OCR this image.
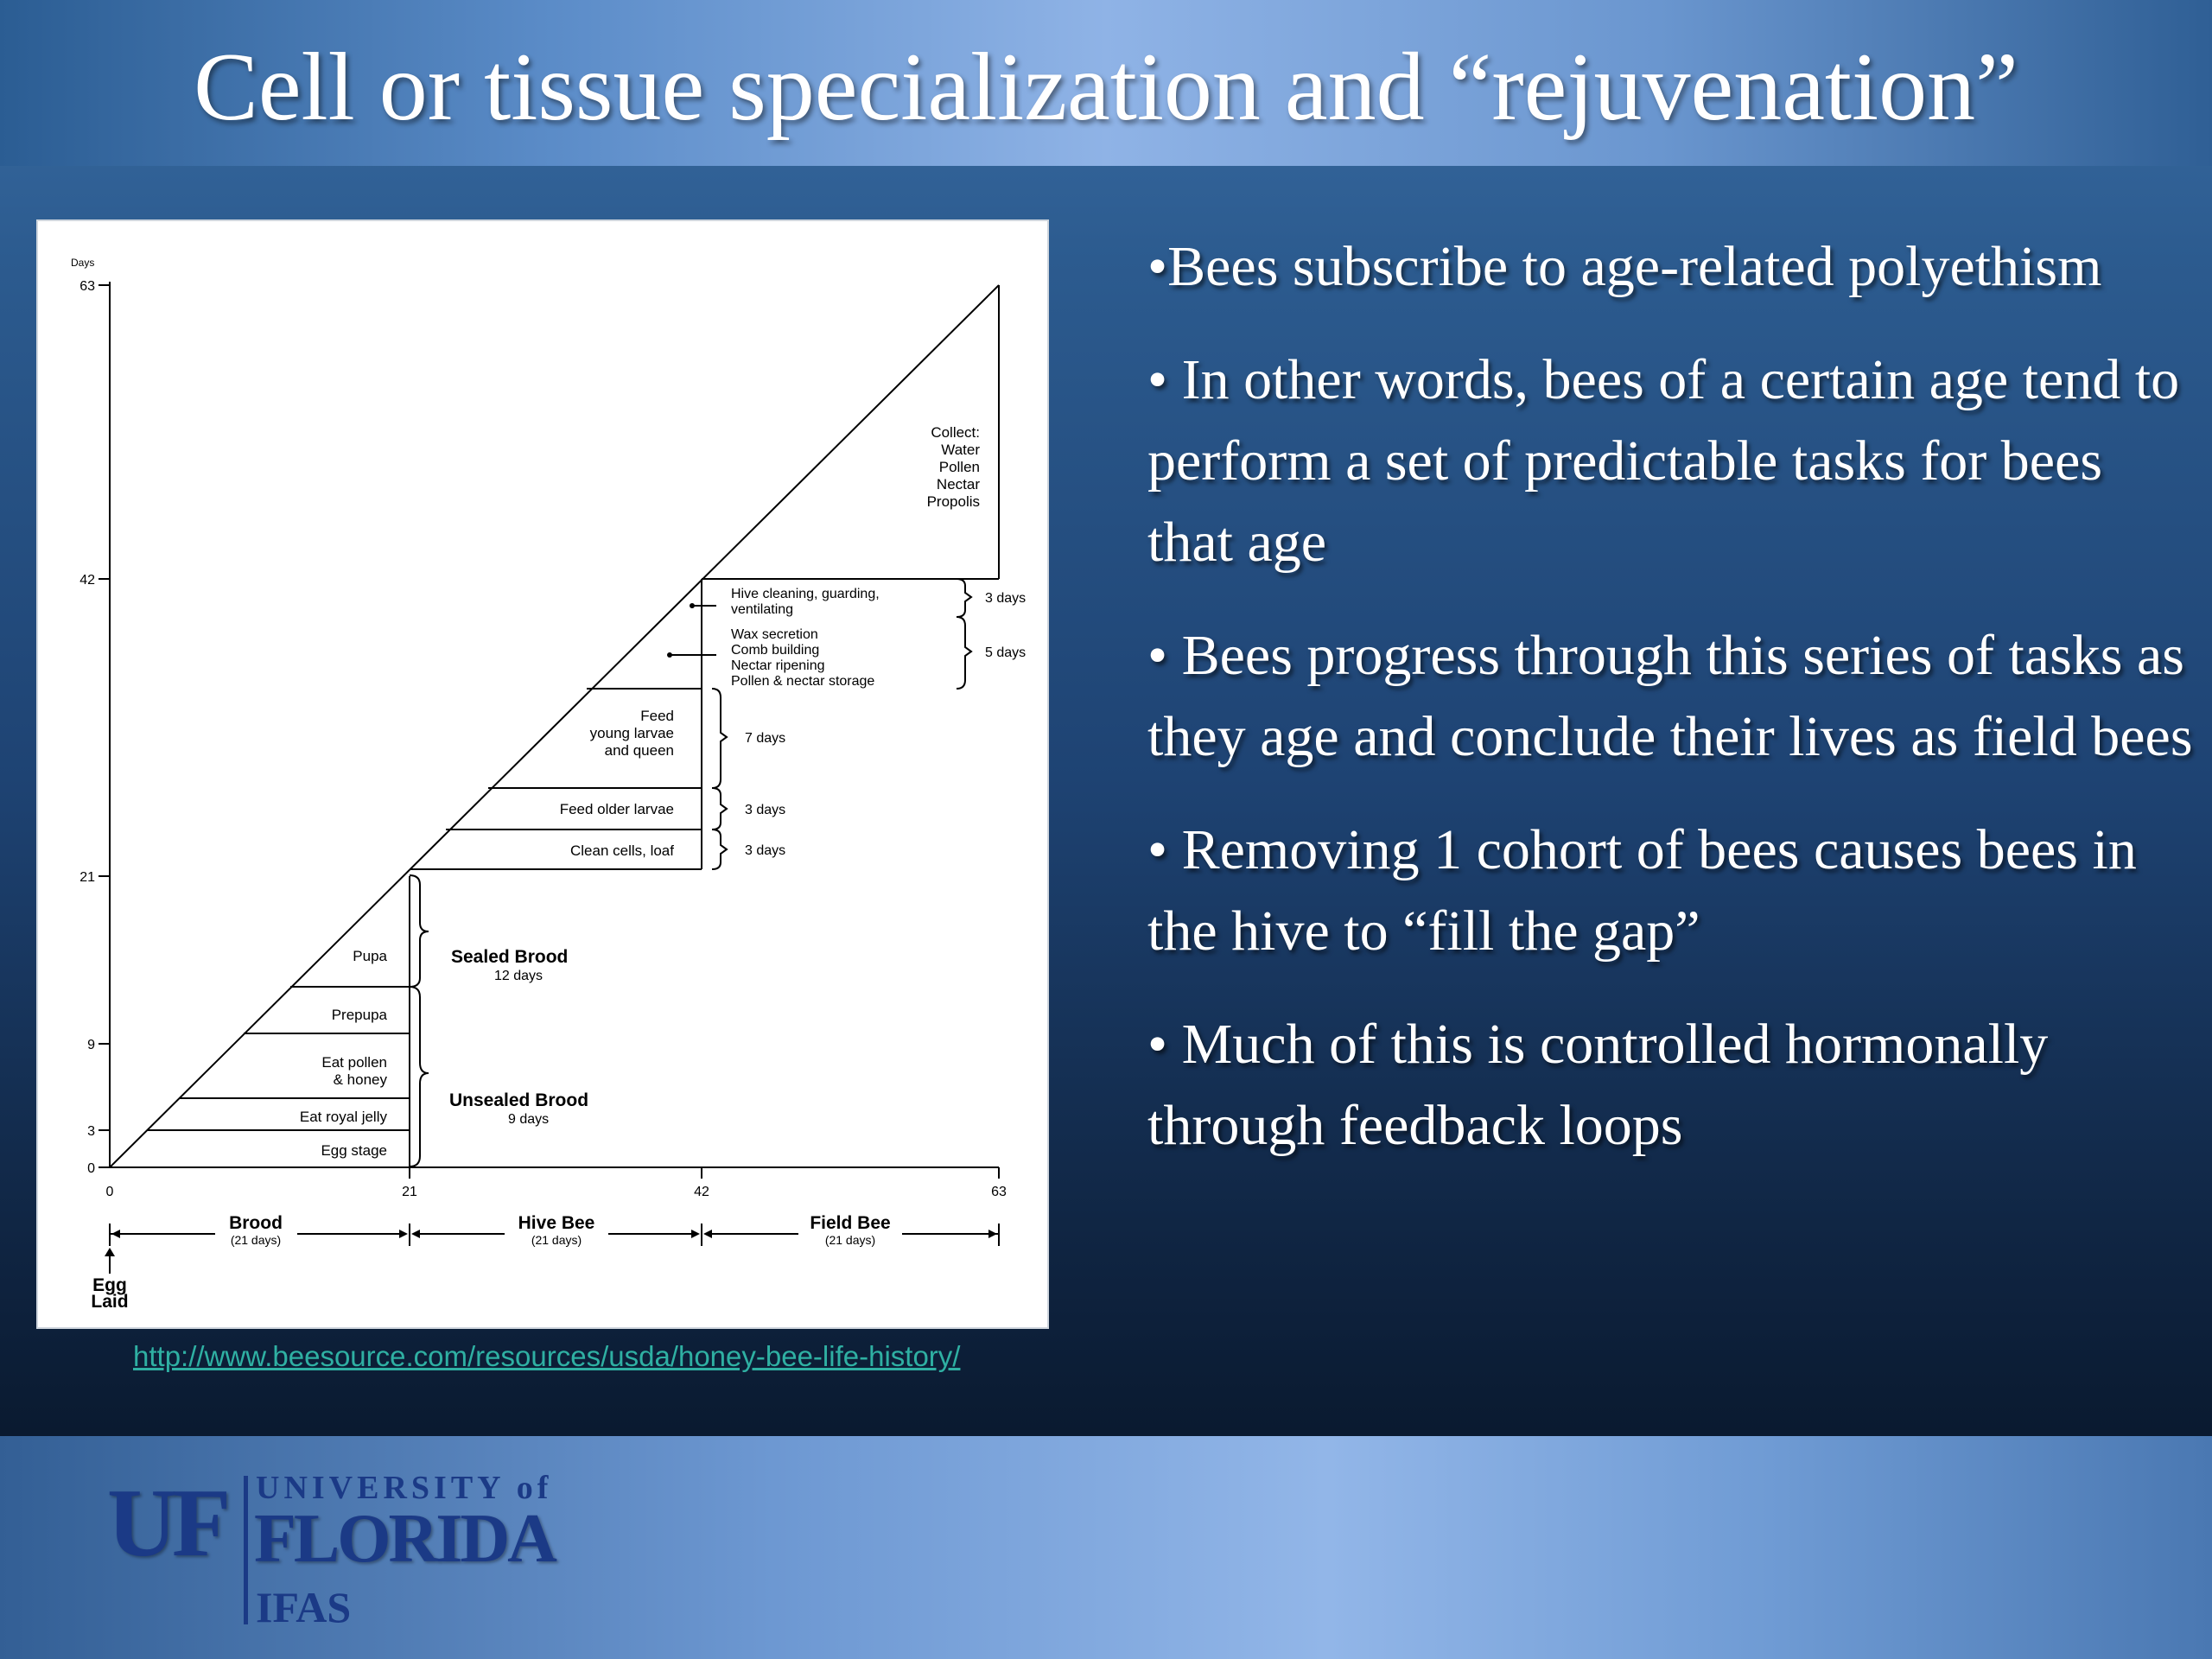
Cell or tissue specialization and “rejuvenation”
Days
63
42
21
9
3
0
0	21	42	63
Egg stage
Eat royal jelly
Eat pollen & honey
Prepupa
Pupa	Sealed Brood
12 days
Unsealed Brood
9 days
Clean cells, loaf
Feed older larvae
Feed young larvae and queen
Wax secretion Comb building Nectar ripening Pollen & nectar storage
Hive cleaning, guarding, ventilating
3 days
3 days
7 days
5 days
3 days
Collect: Water Pollen Nectar Propolis
Brood
(21 days)
Hive Bee
(21 days)
Field Bee
(21 days)
Egg Laid
http://www.beesource.com/resources/usda/honey-bee-life-history/
• Bees subscribe to age-related polyethism
• In other words, bees of a certain age tend to perform a set of predictable tasks for bees that age
• Bees progress through this series of tasks as they age and conclude their lives as field bees
• Removing 1 cohort of bees causes bees in the hive to “fill the gap”
• Much of this is controlled hormonally through feedback loops
UF UNIVERSITY of
FLORIDA
IFAS
